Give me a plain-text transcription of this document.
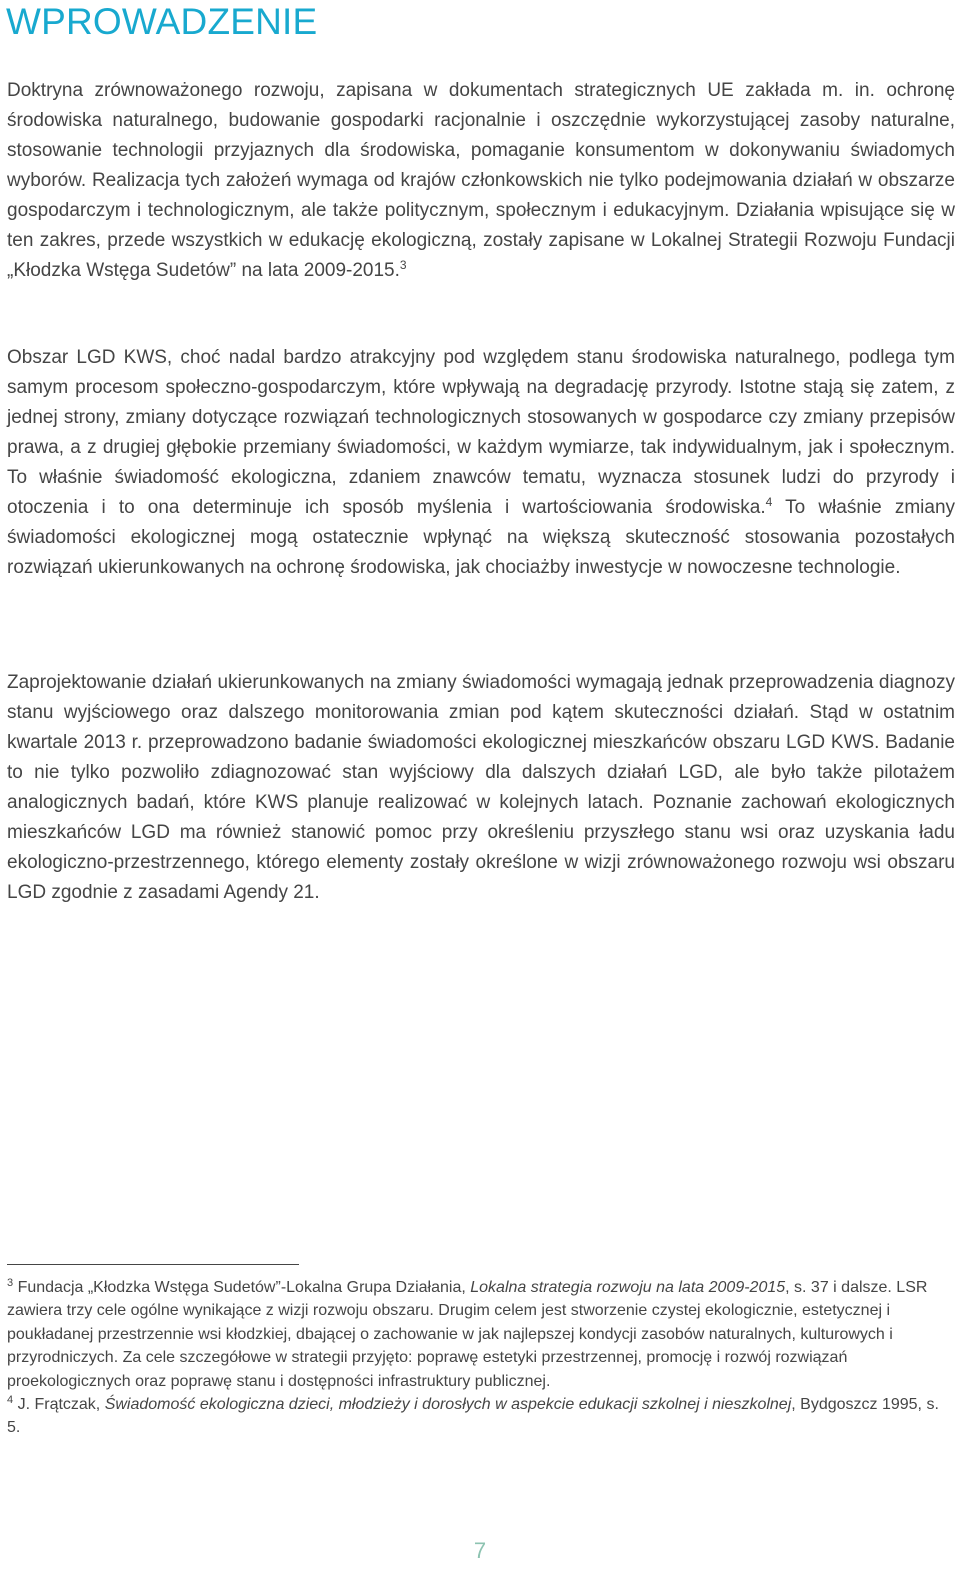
WPROWADZENIE

Doktryna zrównoważonego rozwoju, zapisana w dokumentach strategicznych UE zakłada m. in. ochronę środowiska naturalnego, budowanie gospodarki racjonalnie i oszczędnie wykorzystującej zasoby naturalne, stosowanie technologii przyjaznych dla środowiska, pomaganie konsumentom w dokonywaniu świadomych wyborów. Realizacja tych założeń wymaga od krajów członkowskich nie tylko podejmowania działań w obszarze gospodarczym i technologicznym, ale także politycznym, społecznym i edukacyjnym. Działania wpisujące się w ten zakres, przede wszystkich w edukację ekologiczną, zostały zapisane w Lokalnej Strategii Rozwoju Fundacji „Kłodzka Wstęga Sudetów” na lata 2009-2015.$^3$

Obszar LGD KWS, choć nadal bardzo atrakcyjny pod względem stanu środowiska naturalnego, podlega tym samym procesom społeczno-gospodarczym, które wpływają na degradację przyrody. Istotne stają się zatem, z jednej strony, zmiany dotyczące rozwiązań technologicznych stosowanych w gospodarce czy zmiany przepisów prawa, a z drugiej głębokie przemiany świadomości, w każdym wymiarze, tak indywidualnym, jak i społecznym. To właśnie świadomość ekologiczna, zdaniem znawców tematu, wyznacza stosunek ludzi do przyrody i otoczenia i to ona determinuje ich sposób myślenia i wartościowania środowiska.$^4$ To właśnie zmiany świadomości ekologicznej mogą ostatecznie wpłynąć na większą skuteczność stosowania pozostałych rozwiązań ukierunkowanych na ochronę środowiska, jak chociażby inwestycje w nowoczesne technologie.

Zaprojektowanie działań ukierunkowanych na zmiany świadomości wymagają jednak przeprowadzenia diagnozy stanu wyjściowego oraz dalszego monitorowania zmian pod kątem skuteczności działań. Stąd w ostatnim kwartale 2013 r. przeprowadzono badanie świadomości ekologicznej mieszkańców obszaru LGD KWS. Badanie to nie tylko pozwoliło zdiagnozować stan wyjściowy dla dalszych działań LGD, ale było także pilotażem analogicznych badań, które KWS planuje realizować w kolejnych latach. Poznanie zachowań ekologicznych mieszkańców LGD ma również stanowić pomoc przy określeniu przyszłego stanu wsi oraz uzyskania ładu ekologiczno-przestrzennego, którego elementy zostały określone w wizji zrównoważonego rozwoju wsi obszaru LGD zgodnie z zasadami Agendy 21.

$^3$ Fundacja „Kłodzka Wstęga Sudetów”-Lokalna Grupa Działania, Lokalna strategia rozwoju na lata 2009-2015, s. 37 i dalsze. LSR zawiera trzy cele ogólne wynikające z wizji rozwoju obszaru. Drugim celem jest stworzenie czystej ekologicznie, estetycznej i poukładanej przestrzennie wsi kłodzkiej, dbającej o zachowanie w jak najlepszej kondycji zasobów naturalnych, kulturowych i przyrodniczych. Za cele szczegółowe w strategii przyjęto: poprawę estetyki przestrzennej, promocję i rozwój rozwiązań proekologicznych oraz poprawę stanu i dostępności infrastruktury publicznej.

$^4$ J. Frątczak, Świadomość ekologiczna dzieci, młodzieży i dorosłych w aspekcie edukacji szkolnej i nieszkolnej, Bydgoszcz 1995, s. 5.

7
